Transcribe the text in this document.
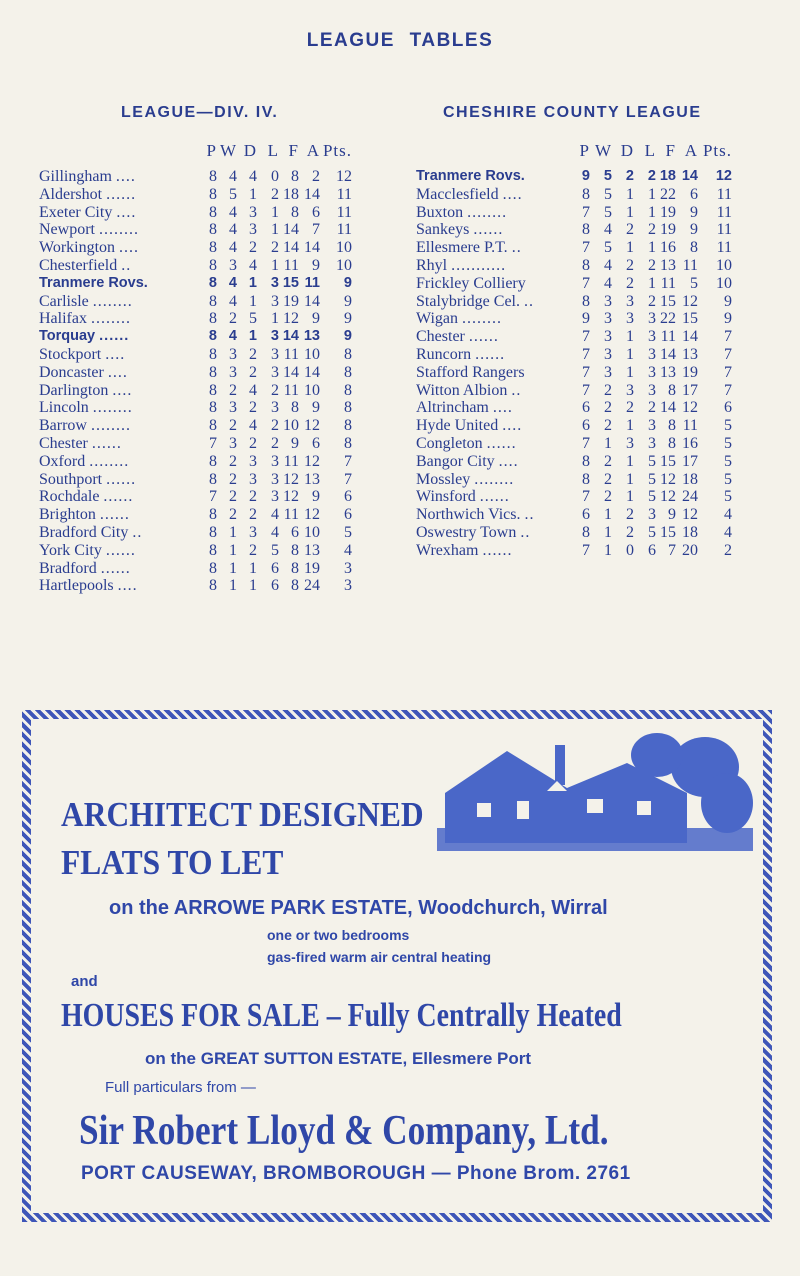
LEAGUE TABLES
LEAGUE—DIV. IV.	CHESHIRE COUNTY LEAGUE
	P	W	D	L	F	A	Pts.
Gillingham ....	8	4	4	0	8	2	12
Aldershot ......	8	5	1	2	18	14	11
Exeter City ....	8	4	3	1	8	6	11
Newport ........	8	4	3	1	14	7	11
Workington ....	8	4	2	2	14	14	10
Chesterfield ..	8	3	4	1	11	9	10
Tranmere Rovs.	8	4	1	3	15	11	9
Carlisle ........	8	4	1	3	19	14	9
Halifax ........	8	2	5	1	12	9	9
Torquay ......	8	4	1	3	14	13	9
Stockport ....	8	3	2	3	11	10	8
Doncaster ....	8	3	2	3	14	14	8
Darlington ....	8	2	4	2	11	10	8
Lincoln ........	8	3	2	3	8	9	8
Barrow ........	8	2	4	2	10	12	8
Chester ......	7	3	2	2	9	6	8
Oxford ........	8	2	3	3	11	12	7
Southport ......	8	2	3	3	12	13	7
Rochdale ......	7	2	2	3	12	9	6
Brighton ......	8	2	2	4	11	12	6
Bradford City ..	8	1	3	4	6	10	5
York City ......	8	1	2	5	8	13	4
Bradford ......	8	1	1	6	8	19	3
Hartlepools ....	8	1	1	6	8	24	3
	P	W	D	L	F	A	Pts.
Tranmere Rovs.	9	5	2	2	18	14	12
Macclesfield ....	8	5	1	1	22	6	11
Buxton ........	7	5	1	1	19	9	11
Sankeys ......	8	4	2	2	19	9	11
Ellesmere P.T. ..	7	5	1	1	16	8	11
Rhyl ...........	8	4	2	2	13	11	10
Frickley Colliery	7	4	2	1	11	5	10
Stalybridge Cel. ..	8	3	3	2	15	12	9
Wigan ........	9	3	3	3	22	15	9
Chester ......	7	3	1	3	11	14	7
Runcorn ......	7	3	1	3	14	13	7
Stafford Rangers	7	3	1	3	13	19	7
Witton Albion ..	7	2	3	3	8	17	7
Altrincham ....	6	2	2	2	14	12	6
Hyde United ....	6	2	1	3	8	11	5
Congleton ......	7	1	3	3	8	16	5
Bangor City ....	8	2	1	5	15	17	5
Mossley ........	8	2	1	5	12	18	5
Winsford ......	7	2	1	5	12	24	5
Northwich Vics. ..	6	1	2	3	9	12	4
Oswestry Town ..	8	1	2	5	15	18	4
Wrexham ......	7	1	0	6	7	20	2
ARCHITECT DESIGNED
FLATS TO LET
on the ARROWE PARK ESTATE, Woodchurch, Wirral
one or two bedrooms
gas-fired warm air central heating
and
HOUSES FOR SALE – Fully Centrally Heated
on the GREAT SUTTON ESTATE, Ellesmere Port
Full particulars from —
Sir Robert Lloyd & Company, Ltd.
PORT CAUSEWAY, BROMBOROUGH — Phone Brom. 2761
